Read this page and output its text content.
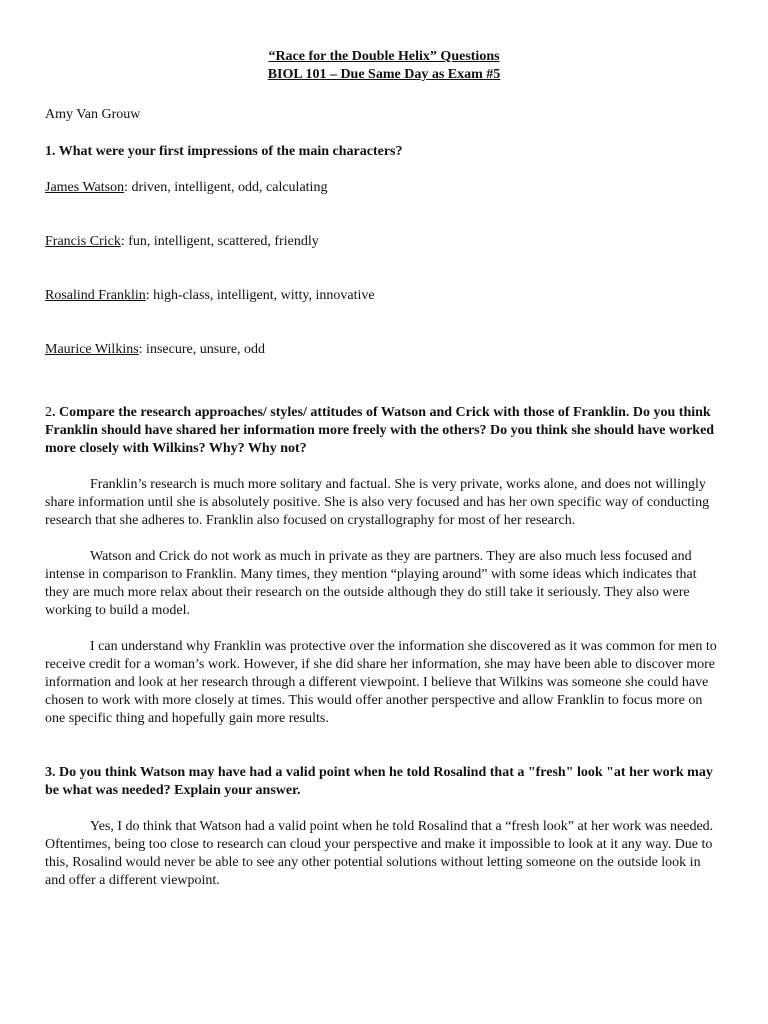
“Race for the Double Helix” Questions
BIOL 101 – Due Same Day as Exam #5
Amy Van Grouw
1. What were your first impressions of the main characters?
James Watson: driven, intelligent, odd, calculating
Francis Crick: fun, intelligent, scattered, friendly
Rosalind Franklin: high-class, intelligent, witty, innovative
Maurice Wilkins: insecure, unsure, odd
2. Compare the research approaches/ styles/ attitudes of Watson and Crick with those of Franklin. Do you think Franklin should have shared her information more freely with the others? Do you think she should have worked more closely with Wilkins? Why? Why not?
Franklin’s research is much more solitary and factual. She is very private, works alone, and does not willingly share information until she is absolutely positive. She is also very focused and has her own specific way of conducting research that she adheres to. Franklin also focused on crystallography for most of her research.
Watson and Crick do not work as much in private as they are partners. They are also much less focused and intense in comparison to Franklin. Many times, they mention “playing around” with some ideas which indicates that they are much more relax about their research on the outside although they do still take it seriously. They also were working to build a model.
I can understand why Franklin was protective over the information she discovered as it was common for men to receive credit for a woman’s work. However, if she did share her information, she may have been able to discover more information and look at her research through a different viewpoint. I believe that Wilkins was someone she could have chosen to work with more closely at times. This would offer another perspective and allow Franklin to focus more on one specific thing and hopefully gain more results.
3. Do you think Watson may have had a valid point when he told Rosalind that a "fresh" look "at her work may be what was needed? Explain your answer.
Yes, I do think that Watson had a valid point when he told Rosalind that a “fresh look” at her work was needed. Oftentimes, being too close to research can cloud your perspective and make it impossible to look at it any way. Due to this, Rosalind would never be able to see any other potential solutions without letting someone on the outside look in and offer a different viewpoint.
